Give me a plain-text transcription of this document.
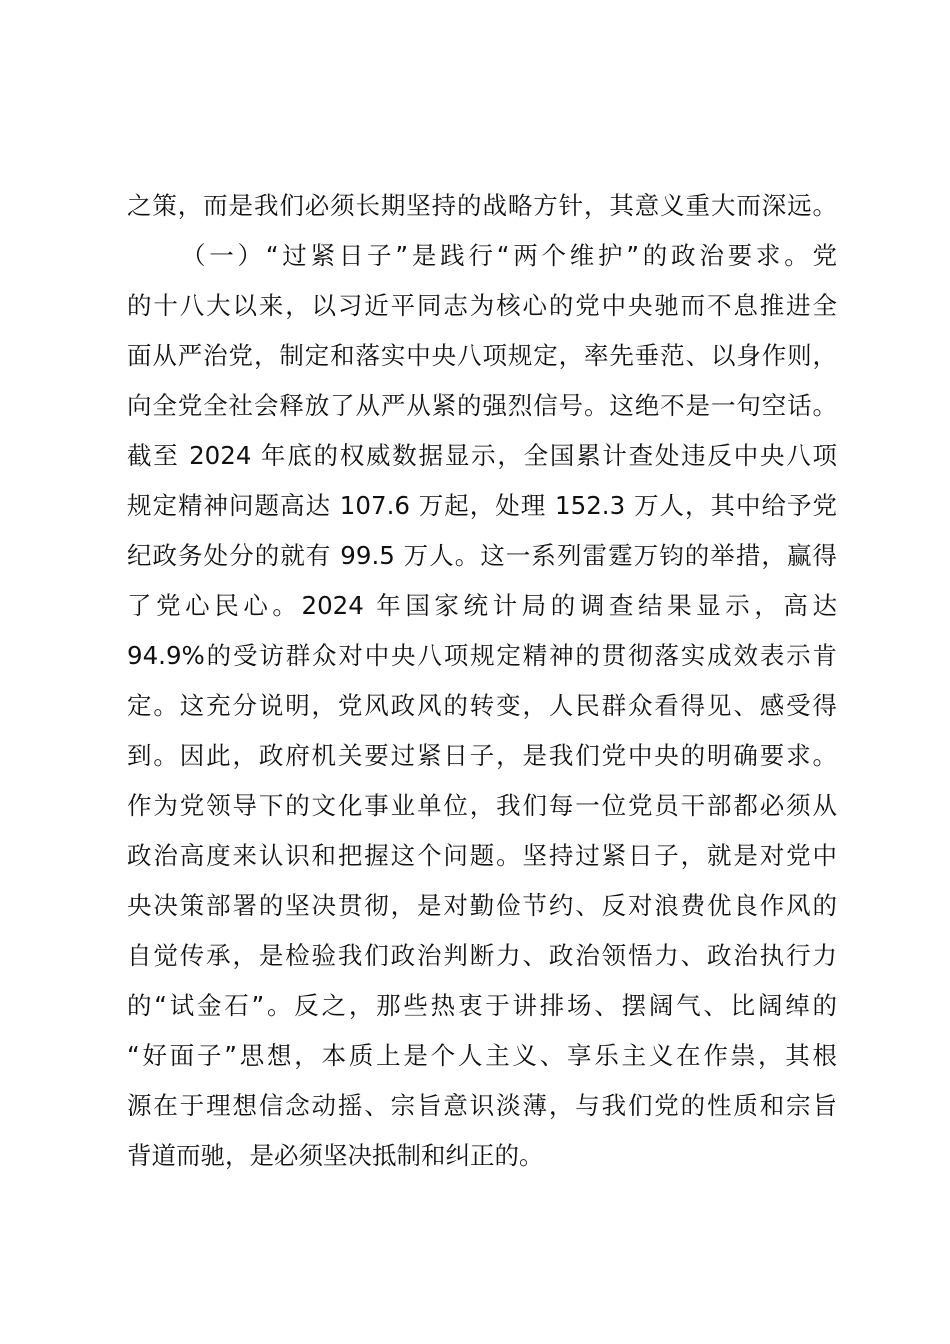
之策，而是我们必须长期坚持的战略方针，其意义重大而深远。
（一）“过紧日子”是践行“两个维护”的政治要求。党
的十八大以来，以习近平同志为核心的党中央驰而不息推进全
面从严治党，制定和落实中央八项规定，率先垂范、以身作则，
向全党全社会释放了从严从紧的强烈信号。这绝不是一句空话。
截至 2024 年底的权威数据显示，全国累计查处违反中央八项
规定精神问题高达 107.6 万起，处理 152.3 万人，其中给予党
纪政务处分的就有 99.5 万人。这一系列雷霆万钧的举措，赢得
了党心民心。2024 年国家统计局的调查结果显示，高达
94.9%的受访群众对中央八项规定精神的贯彻落实成效表示肯
定。这充分说明，党风政风的转变，人民群众看得见、感受得
到。因此，政府机关要过紧日子，是我们党中央的明确要求。
作为党领导下的文化事业单位，我们每一位党员干部都必须从
政治高度来认识和把握这个问题。坚持过紧日子，就是对党中
央决策部署的坚决贯彻，是对勤俭节约、反对浪费优良作风的
自觉传承，是检验我们政治判断力、政治领悟力、政治执行力
的“试金石”。反之，那些热衷于讲排场、摆阔气、比阔绰的
“好面子”思想，本质上是个人主义、享乐主义在作祟，其根
源在于理想信念动摇、宗旨意识淡薄，与我们党的性质和宗旨
背道而驰，是必须坚决抵制和纠正的。
